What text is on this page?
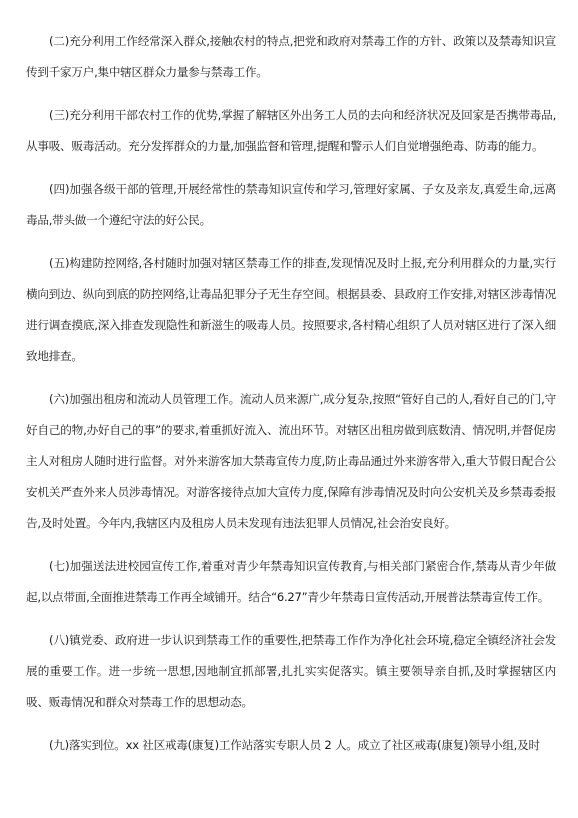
(二)充分利用工作经常深入群众,接触农村的特点,把党和政府对禁毒工作的方针、政策以及禁毒知识宣传到千家万户,集中辖区群众力量参与禁毒工作。

(三)充分利用干部农村工作的优势,掌握了解辖区外出务工人员的去向和经济状况及回家是否携带毒品,从事吸、贩毒活动。充分发挥群众的力量,加强监督和管理,提醒和警示人们自觉增强绝毒、防毒的能力。

(四)加强各级干部的管理,开展经常性的禁毒知识宣传和学习,管理好家属、子女及亲友,真爱生命,远离毒品,带头做一个遵纪守法的好公民。

(五)构建防控网络,各村随时加强对辖区禁毒工作的排查,发现情况及时上报,充分利用群众的力量,实行横向到边、纵向到底的防控网络,让毒品犯罪分子无生存空间。根据县委、县政府工作安排,对辖区涉毒情况进行调查摸底,深入排查发现隐性和新滋生的吸毒人员。按照要求,各村精心组织了人员对辖区进行了深入细致地排查。

(六)加强出租房和流动人员管理工作。流动人员来源广,成分复杂,按照“管好自己的人,看好自己的门,守好自己的物,办好自己的事”的要求,着重抓好流入、流出环节。对辖区出租房做到底数清、情况明,并督促房主人对租房人随时进行监督。对外来游客加大禁毒宣传力度,防止毒品通过外来游客带入,重大节假日配合公安机关严查外来人员涉毒情况。对游客接待点加大宣传力度,保障有涉毒情况及时向公安机关及乡禁毒委报告,及时处置。今年内,我辖区内及租房人员未发现有违法犯罪人员情况,社会治安良好。

(七)加强送法进校园宣传工作,着重对青少年禁毒知识宣传教育,与相关部门紧密合作,禁毒从青少年做起,以点带面,全面推进禁毒工作再全域铺开。结合“6.27”青少年禁毒日宣传活动,开展普法禁毒宣传工作。

(八)镇党委、政府进一步认识到禁毒工作的重要性,把禁毒工作作为净化社会环境,稳定全镇经济社会发展的重要工作。进一步统一思想,因地制宜抓部署,扎扎实实促落实。镇主要领导亲自抓,及时掌握辖区内吸、贩毒情况和群众对禁毒工作的思想动态。

(九)落实到位。xx 社区戒毒(康复)工作站落实专职人员 2 人。成立了社区戒毒(康复)领导小组,及时
